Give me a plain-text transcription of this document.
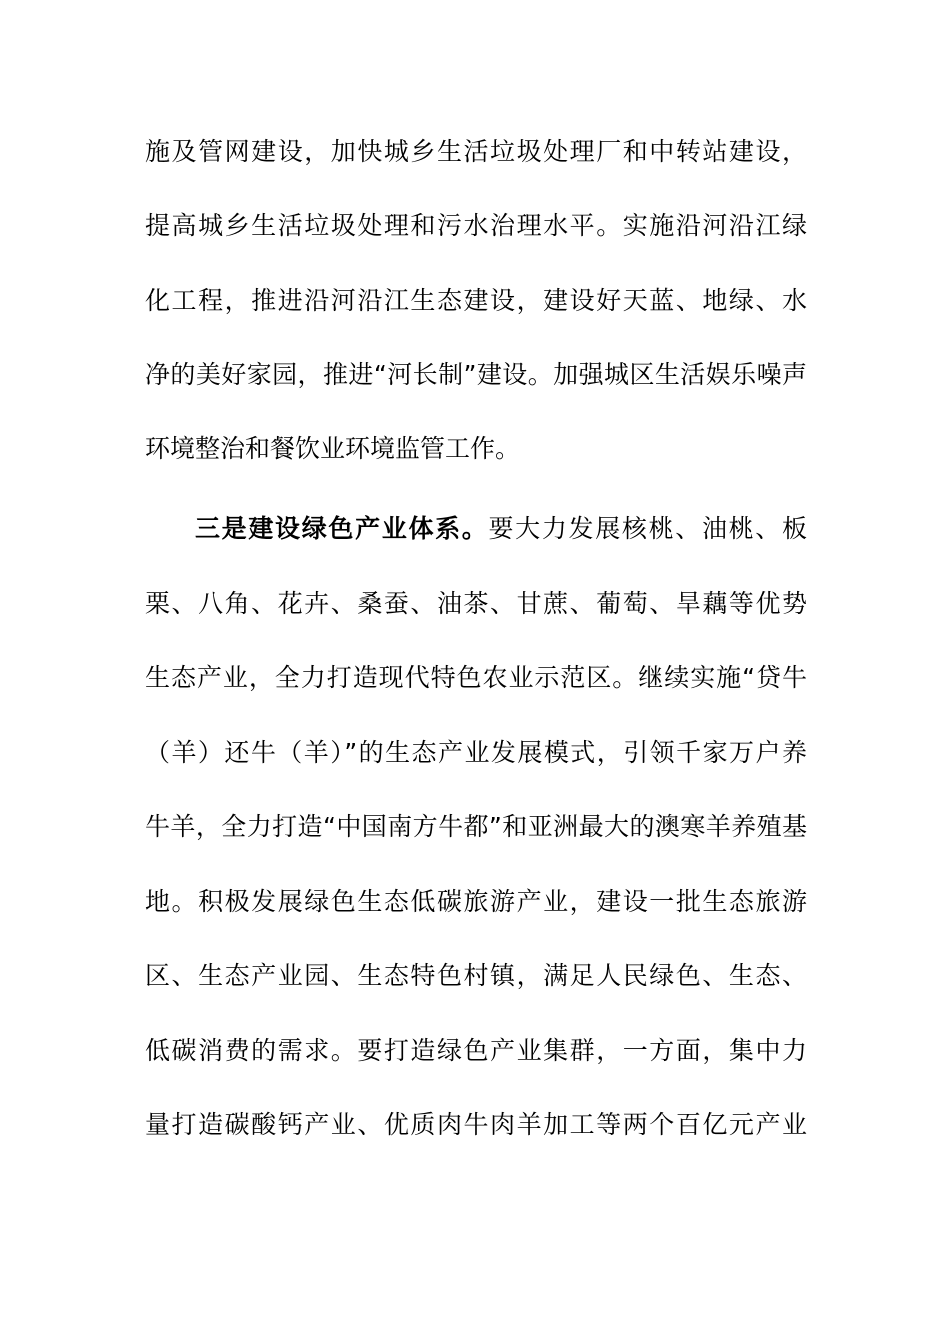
施及管网建设，加快城乡生活垃圾处理厂和中转站建设，
提高城乡生活垃圾处理和污水治理水平。实施沿河沿江绿
化工程，推进沿河沿江生态建设，建设好天蓝、地绿、水
净的美好家园，推进“河长制”建设。加强城区生活娱乐噪声
环境整治和餐饮业环境监管工作。
三是建设绿色产业体系。要大力发展核桃、油桃、板
栗、八角、花卉、桑蚕、油茶、甘蔗、葡萄、旱藕等优势
生态产业，全力打造现代特色农业示范区。继续实施“贷牛
（羊）还牛（羊）”的生态产业发展模式，引领千家万户养
牛羊，全力打造“中国南方牛都”和亚洲最大的澳寒羊养殖基
地。积极发展绿色生态低碳旅游产业，建设一批生态旅游
区、生态产业园、生态特色村镇，满足人民绿色、生态、
低碳消费的需求。要打造绿色产业集群，一方面，集中力
量打造碳酸钙产业、优质肉牛肉羊加工等两个百亿元产业
